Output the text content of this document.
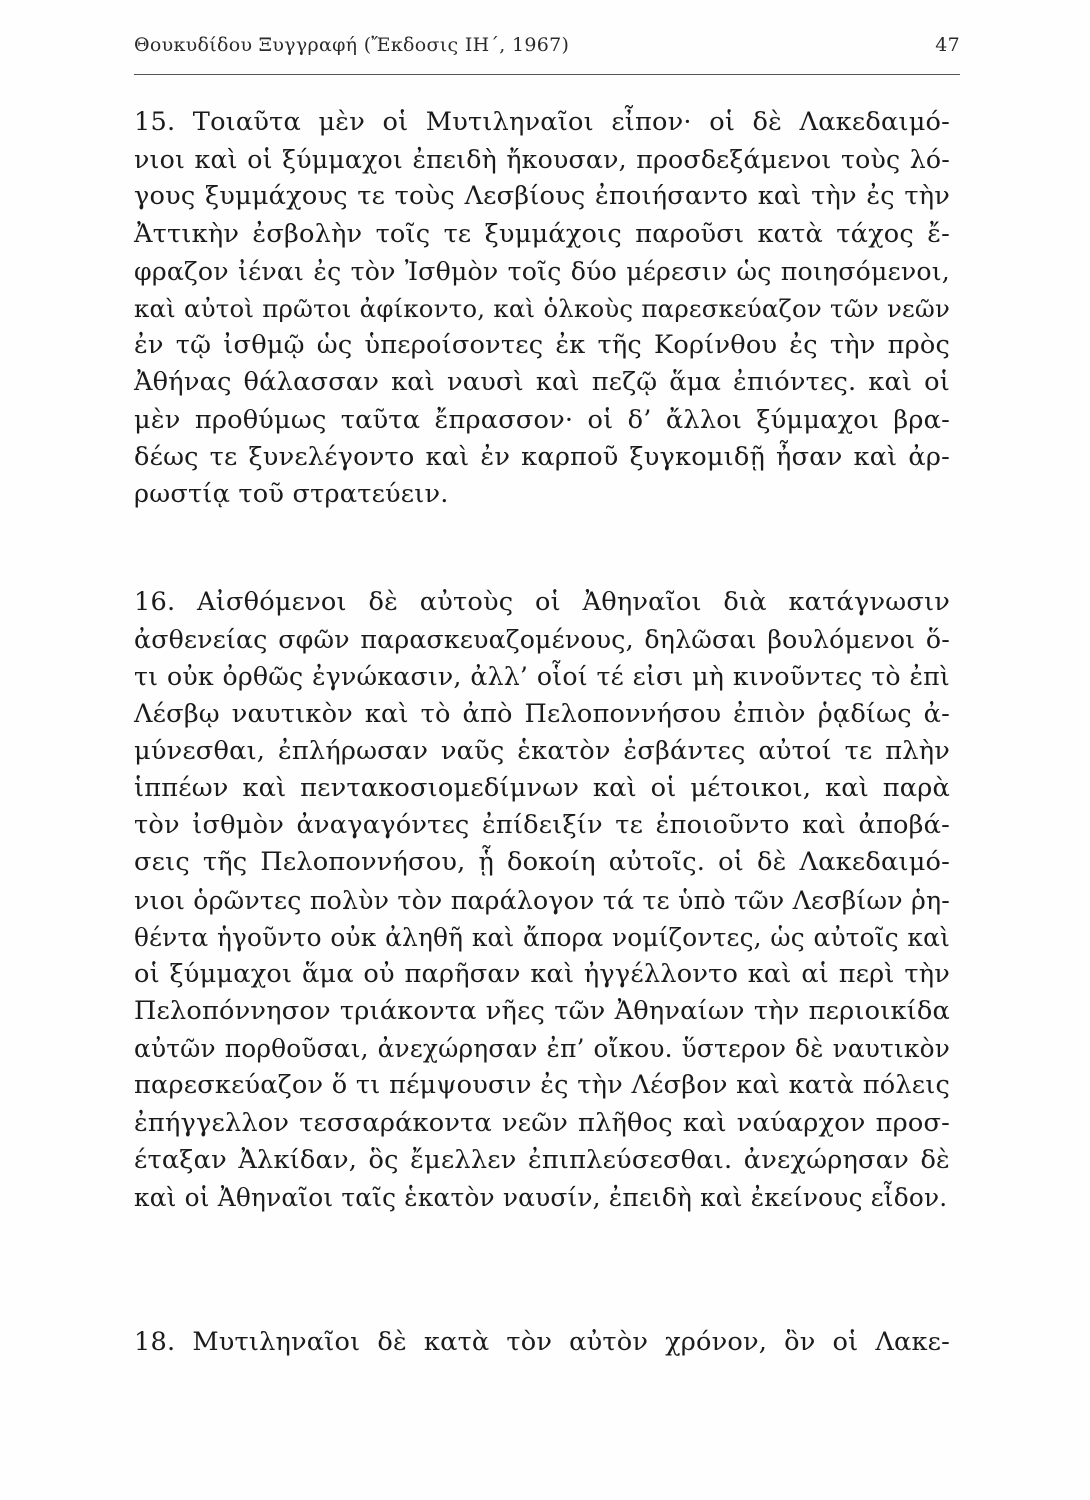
Θουκυδίδου Ξυγγραφή (Ἔκδοσις ΙΗ΄, 1967)	47
15. Τοιαῦτα μὲν οἱ Μυτιληναῖοι εἶπον· οἱ δὲ Λακεδαιμό-
νιοι καὶ οἱ ξύμμαχοι ἐπειδὴ ἤκουσαν, προσδεξάμενοι τοὺς λό-
γους ξυμμάχους τε τοὺς Λεσβίους ἐποιήσαντο καὶ τὴν ἐς τὴν
Ἀττικὴν ἐσβολὴν τοῖς τε ξυμμάχοις παροῦσι κατὰ τάχος ἔ-
φραζον ἰέναι ἐς τὸν Ἰσθμὸν τοῖς δύο μέρεσιν ὡς ποιησόμενοι,
καὶ αὐτοὶ πρῶτοι ἀφίκοντο, καὶ ὁλκοὺς παρεσκεύαζον τῶν νεῶν
ἐν τῷ ἰσθμῷ ὡς ὑπεροίσοντες ἐκ τῆς Κορίνθου ἐς τὴν πρὸς
Ἀθήνας θάλασσαν καὶ ναυσὶ καὶ πεζῷ ἅμα ἐπιόντες. καὶ οἱ
μὲν προθύμως ταῦτα ἔπρασσον· οἱ δ’ ἄλλοι ξύμμαχοι βρα-
δέως τε ξυνελέγοντο καὶ ἐν καρποῦ ξυγκομιδῇ ἦσαν καὶ ἀρ-
ρωστίᾳ τοῦ στρατεύειν.
16. Αἰσθόμενοι δὲ αὐτοὺς οἱ Ἀθηναῖοι διὰ κατάγνωσιν
ἀσθενείας σφῶν παρασκευαζομένους, δηλῶσαι βουλόμενοι ὅ-
τι οὐκ ὀρθῶς ἐγνώκασιν, ἀλλ’ οἷοί τέ εἰσι μὴ κινοῦντες τὸ ἐπὶ
Λέσβῳ ναυτικὸν καὶ τὸ ἀπὸ Πελοποννήσου ἐπιὸν ῥᾳδίως ἀ-
μύνεσθαι, ἐπλήρωσαν ναῦς ἑκατὸν ἐσβάντες αὐτοί τε πλὴν
ἱππέων καὶ πεντακοσιομεδίμνων καὶ οἱ μέτοικοι, καὶ παρὰ
τὸν ἰσθμὸν ἀναγαγόντες ἐπίδειξίν τε ἐποιοῦντο καὶ ἀποβά-
σεις τῆς Πελοποννήσου, ᾗ δοκοίη αὐτοῖς. οἱ δὲ Λακεδαιμό-
νιοι ὁρῶντες πολὺν τὸν παράλογον τά τε ὑπὸ τῶν Λεσβίων ῥη-
θέντα ἡγοῦντο οὐκ ἀληθῆ καὶ ἄπορα νομίζοντες, ὡς αὐτοῖς καὶ
οἱ ξύμμαχοι ἅμα οὐ παρῆσαν καὶ ἠγγέλλοντο καὶ αἱ περὶ τὴν
Πελοπόννησον τριάκοντα νῆες τῶν Ἀθηναίων τὴν περιοικίδα
αὐτῶν πορθοῦσαι, ἀνεχώρησαν ἐπ’ οἴκου. ὕστερον δὲ ναυτικὸν
παρεσκεύαζον ὅ τι πέμψουσιν ἐς τὴν Λέσβον καὶ κατὰ πόλεις
ἐπήγγελλον τεσσαράκοντα νεῶν πλῆθος καὶ ναύαρχον προσ-
έταξαν Ἀλκίδαν, ὃς ἔμελλεν ἐπιπλεύσεσθαι. ἀνεχώρησαν δὲ
καὶ οἱ Ἀθηναῖοι ταῖς ἑκατὸν ναυσίν, ἐπειδὴ καὶ ἐκείνους εἶδον.
18. Μυτιληναῖοι δὲ κατὰ τὸν αὐτὸν χρόνον, ὃν οἱ Λακε-
